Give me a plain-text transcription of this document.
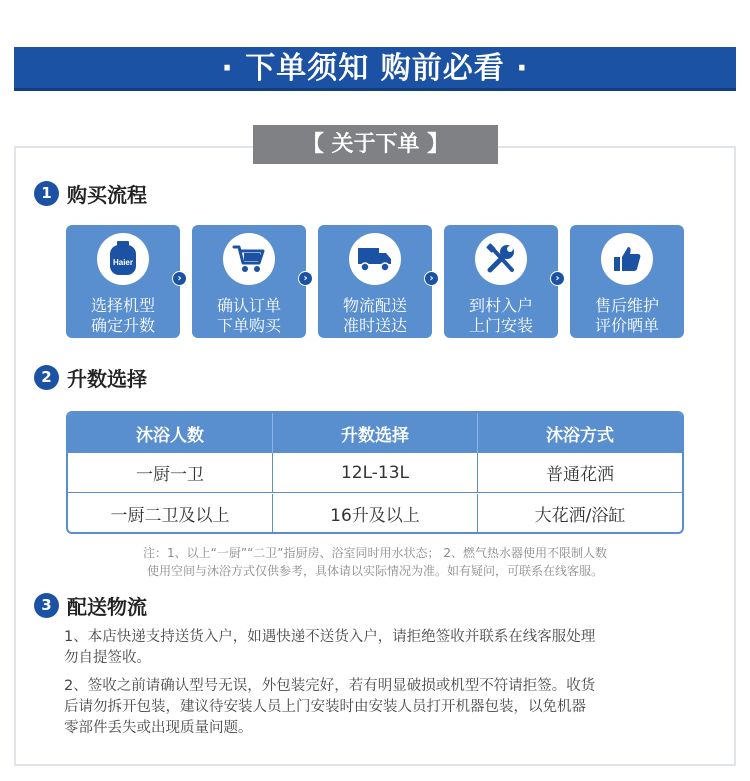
· 下单须知 购前必看 ·
【 关于下单 】
1 购买流程
Haier
选择机型
确定升数
›
确认订单
下单购买
›
物流配送
准时送达
›
到村入户
上门安装
›
售后维护
评价晒单
2 升数选择
沐浴人数	升数选择	沐浴方式
一厨一卫	12L-13L	普通花洒
一厨二卫及以上	16升及以上	大花洒/浴缸
注：1、以上“一厨”“二卫”指厨房、浴室同时用水状态； 2、燃气热水器使用不限制人数
使用空间与沐浴方式仅供参考，具体请以实际情况为准。如有疑问，可联系在线客服。
3 配送物流
1、本店快递支持送货入户，如遇快递不送货入户，请拒绝签收并联系在线客服处理
勿自提签收。
2、签收之前请确认型号无误，外包装完好，若有明显破损或机型不符请拒签。收货
后请勿拆开包装，建议待安装人员上门安装时由安装人员打开机器包装，以免机器
零部件丢失或出现质量问题。
